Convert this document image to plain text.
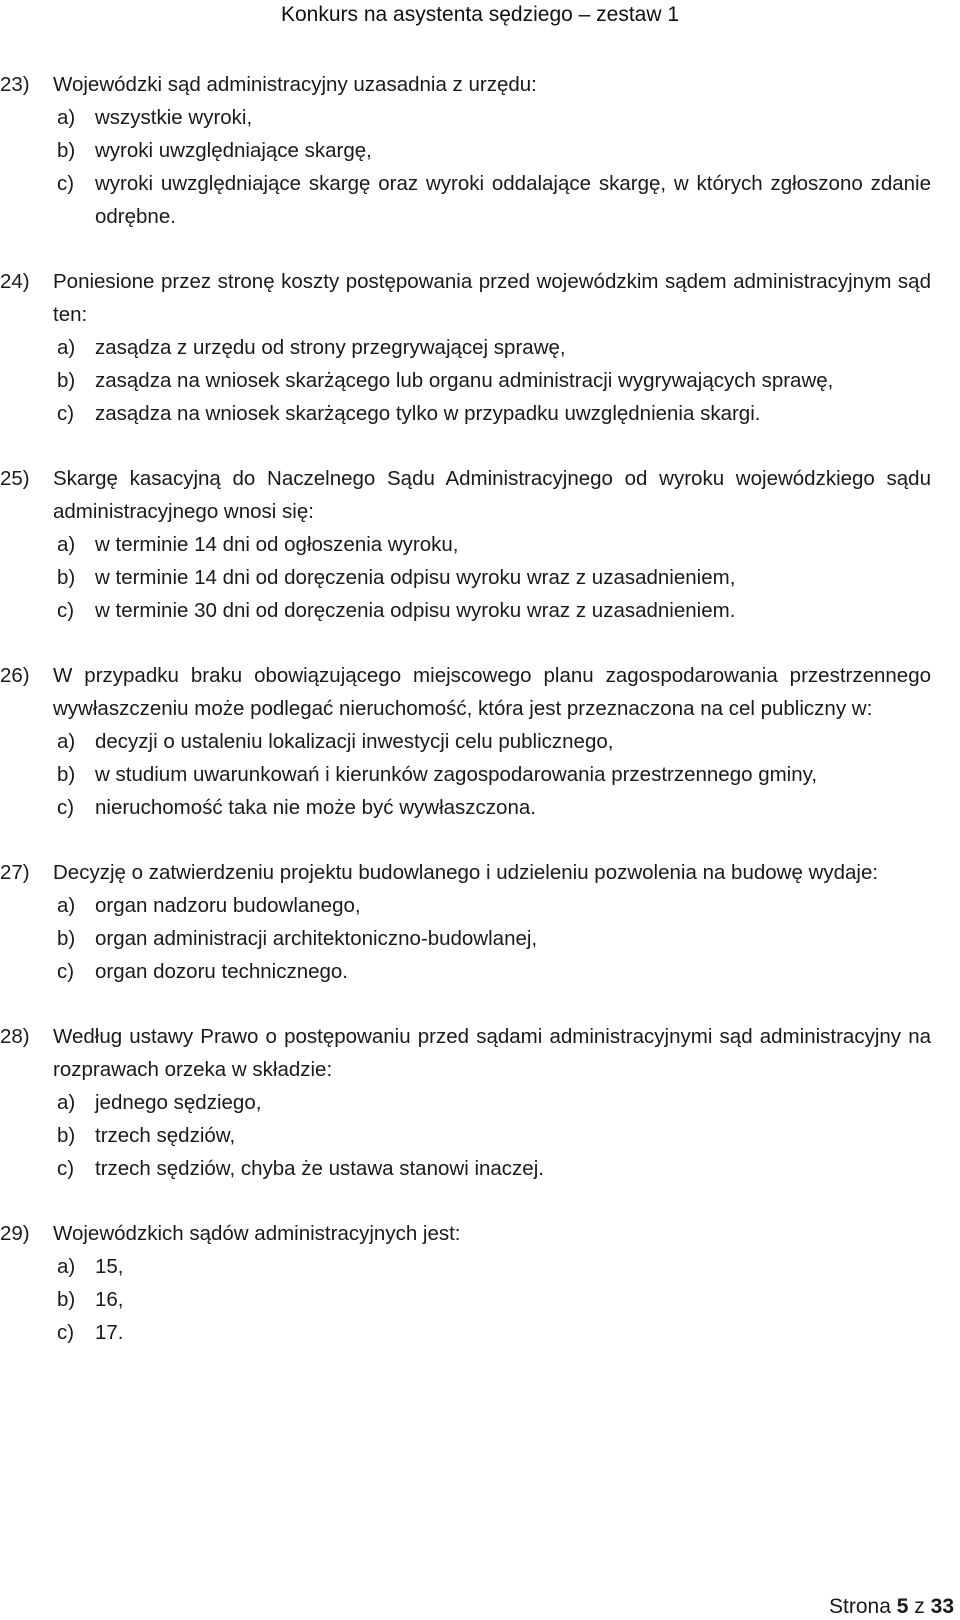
Konkurs na asystenta sędziego – zestaw 1
23) Wojewódzki sąd administracyjny uzasadnia z urzędu:
a) wszystkie wyroki,
b) wyroki uwzględniające skargę,
c) wyroki uwzględniające skargę oraz wyroki oddalające skargę, w których zgłoszono zdanie odrębne.
24) Poniesione przez stronę koszty postępowania przed wojewódzkim sądem administracyjnym sąd ten:
a) zasądza z urzędu od strony przegrywającej sprawę,
b) zasądza na wniosek skarżącego lub organu administracji wygrywających sprawę,
c) zasądza na wniosek skarżącego tylko w przypadku uwzględnienia skargi.
25) Skargę kasacyjną do Naczelnego Sądu Administracyjnego od wyroku wojewódzkiego sądu administracyjnego wnosi się:
a) w terminie 14 dni od ogłoszenia wyroku,
b) w terminie 14 dni od doręczenia odpisu wyroku wraz z uzasadnieniem,
c) w terminie 30 dni od doręczenia odpisu wyroku wraz z uzasadnieniem.
26) W przypadku braku obowiązującego miejscowego planu zagospodarowania przestrzennego wywłaszczeniu może podlegać nieruchomość, która jest przeznaczona na cel publiczny w:
a) decyzji o ustaleniu lokalizacji inwestycji celu publicznego,
b) w studium uwarunkowań i kierunków zagospodarowania przestrzennego gminy,
c) nieruchomość taka nie może być wywłaszczona.
27) Decyzję o zatwierdzeniu projektu budowlanego i udzieleniu pozwolenia na budowę wydaje:
a) organ nadzoru budowlanego,
b) organ administracji architektoniczno-budowlanej,
c) organ dozoru technicznego.
28) Według ustawy Prawo o postępowaniu przed sądami administracyjnymi sąd administracyjny na rozprawach orzeka w składzie:
a) jednego sędziego,
b) trzech sędziów,
c) trzech sędziów, chyba że ustawa stanowi inaczej.
29) Wojewódzkich sądów administracyjnych jest:
a) 15,
b) 16,
c) 17.
Strona 5 z 33
